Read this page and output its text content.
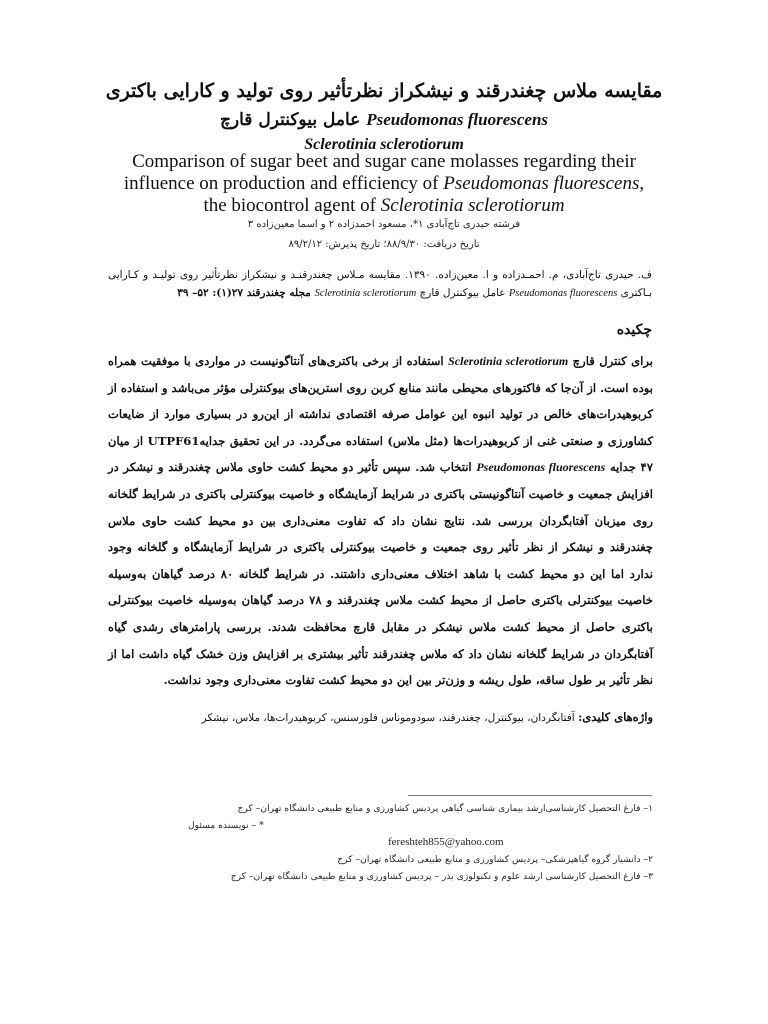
مقایسه ملاس چغندرقند و نیشکراز نظرتأثیر روی تولید و کارایی باکتری
Pseudomonas fluorescens عامل بیوکنترل قارچ
Sclerotinia sclerotiorum
Comparison of sugar beet and sugar cane molasses regarding their influence on production and efficiency of Pseudomonas fluorescens, the biocontrol agent of Sclerotinia sclerotiorum
فرشته حیدری تاج‌آبادی ۱*، مسعود احمدزاده ۲ و اسما معین‌زاده ۳
تاریخ دریافت: ۸۸/۹/۳۰؛ تاریخ پذیرش: ۸۹/۲/۱۲
ف. حیدری تاج‌آبادی، م. احمـدزاده و ا. معین‌زاده. ۱۳۹۰. مقایسه مـلاس چغندرقنـد و نیشکراز نظرتأثیر روی تولیـد و کـارایی بـاکتری Pseudomonas fluorescens عامل بیوکنترل قارچ Sclerotinia sclerotiorum مجله چغندرقند ۲۷(۱): ۵۲– ۳۹
چکیده
برای کنترل قارچ Sclerotinia sclerotiorum استفاده از برخی باکتری‌های آنتاگونیست در مواردی با موفقیت همراه بوده است. از آن‌جا که فاکتورهای محیطی مانند منابع کربن روی استرین‌های بیوکنترلی مؤثر می‌باشد و استفاده از کربوهیدرات‌های خالص در تولید انبوه این عوامل صرفه اقتصادی نداشته از این‌رو در بسیاری موارد از ضایعات کشاورزی و صنعتی غنی از کربوهیدرات‌ها (مثل ملاس) استفاده می‌گردد. در این تحقیق جدایهUTPF61 از میان ۴۷ جدایه Pseudomonas fluorescens انتخاب شد. سپس تأثیر دو محیط کشت حاوی ملاس چغندرقند و نیشکر در افزایش جمعیت و خاصیت آنتاگونیستی باکتری در شرایط آزمایشگاه و خاصیت بیوکنترلی باکتری در شرایط گلخانه روی میزبان آفتابگردان بررسی شد. نتایج نشان داد که تفاوت معنی‌داری بین دو محیط کشت حاوی ملاس چغندرقند و نیشکر از نظر تأثیر روی جمعیت و خاصیت بیوکنترلی باکتری در شرایط آزمایشگاه و گلخانه وجود ندارد اما این دو محیط کشت با شاهد اختلاف معنی‌داری داشتند. در شرایط گلخانه ۸۰ درصد گیاهان به‌وسیله خاصیت بیوکنترلی باکتری حاصل از محیط کشت ملاس چغندرقند و ۷۸ درصد گیاهان به‌وسیله خاصیت بیوکنترلی باکتری حاصل از محیط کشت ملاس نیشکر در مقابل قارچ محافظت شدند. بررسی پارامترهای رشدی گیاه آفتابگردان در شرایط گلخانه نشان داد که ملاس چغندرقند تأثیر بیشتری بر افزایش وزن خشک گیاه داشت اما از نظر تأثیر بر طول ساقه، طول ریشه و وزن‌تر بین این دو محیط کشت تفاوت معنی‌داری وجود نداشت.
واژه‌های کلیدی: آفتابگردان، بیوکنترل، چغندرقند، سودوموناس فلورسنس، کربوهیدرات‌ها، ملاس، نیشکر
۱– فارغ التحصیل کارشناسی‌ارشد بیماری شناسی گیاهی پردیس کشاورزی و منابع طبیعی دانشگاه تهران– کرج
* – نویسنده مسئول
fereshteh855@yahoo.com
۲– دانشیار گروه گیاهپزشکی– پردیس کشاورزی و منابع طبیعی دانشگاه تهران– کرج
۳– فارغ التحصیل کارشناسی ارشد علوم و تکنولوژی بذر – پردیس کشاورزی و منابع طبیعی دانشگاه تهران– کرج
